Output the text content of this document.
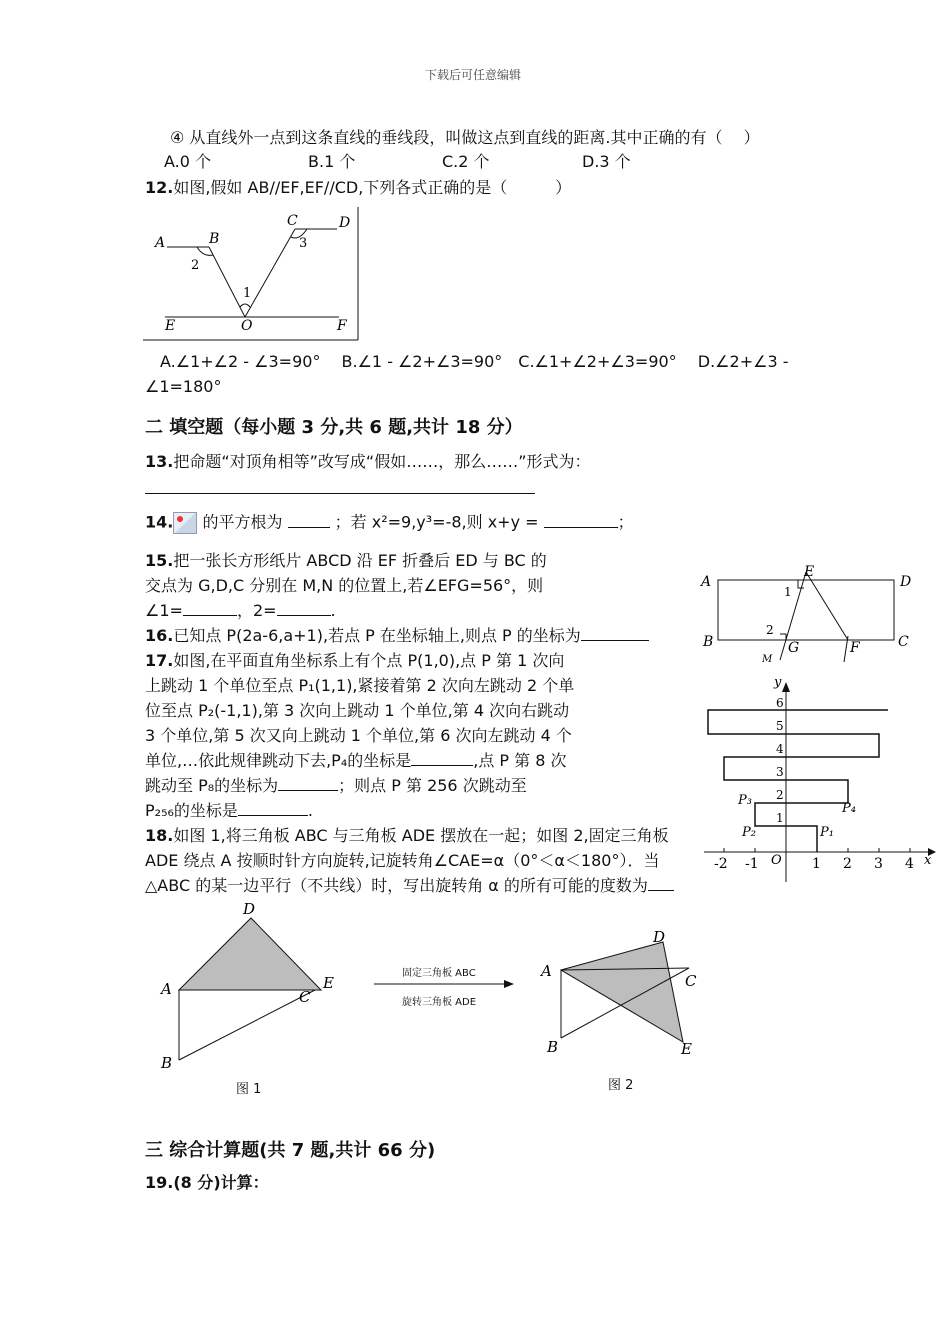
下载后可任意编辑
④ 从直线外一点到这条直线的垂线段，叫做这点到直线的距离.其中正确的有（　 ）
A.0 个	B.1 个	C.2 个	D.3 个
12.如图,假如 AB//EF,EF//CD,下列各式正确的是（　　　）
A	B
C	D
E	O	F
1
2
3
A.∠1+∠2 - ∠3=90°　 B.∠1 - ∠2+∠3=90°　C.∠1+∠2+∠3=90°　 D.∠2+∠3 -
∠1=180°
二 填空题（每小题 3 分,共 6 题,共计 18 分）
13.把命题“对顶角相等”改写成“假如……，那么……”形式为：
14. 的平方根为	；若 x²=9,y³=-8,则 x+y =	；
15.把一张长方形纸片 ABCD 沿 EF 折叠后 ED 与 BC 的
交点为 G,D,C 分别在 M,N 的位置上,若∠EFG=56°，则
∠1=	，2=	.
A
E
D
B	G	F	C
M
1
2
16.已知点 P(2a-6,a+1),若点 P 在坐标轴上,则点 P 的坐标为
17.如图,在平面直角坐标系上有个点 P(1,0),点 P 第 1 次向
上跳动 1 个单位至点 P₁(1,1),紧接着第 2 次向左跳动 2 个单
位至点 P₂(-1,1),第 3 次向上跳动 1 个单位,第 4 次向右跳动
3 个单位,第 5 次又向上跳动 1 个单位,第 6 次向左跳动 4 个
单位,…依此规律跳动下去,P₄的坐标是	,点 P 第 8 次
跳动至 P₈的坐标为	；则点 P 第 256 次跳动至
P₂₅₆的坐标是	.
y
x
O
-2 -1	1 2 3 4
1
2
3
4
5
6
P₁
P₂
P₃
P₄
18.如图 1,将三角板 ABC 与三角板 ADE 摆放在一起；如图 2,固定三角板
ADE 绕点 A 按顺时针方向旋转,记旋转角∠CAE=α（0°＜α＜180°）．当
△ABC 的某一边平行（不共线）时，写出旋转角 α 的所有可能的度数为
A
D
E
C
B
图 1
固定三角板 ABC
旋转三角板 ADE
A
D
C
B	E
图 2
三 综合计算题(共 7 题,共计 66 分)
19.(8 分)计算：
